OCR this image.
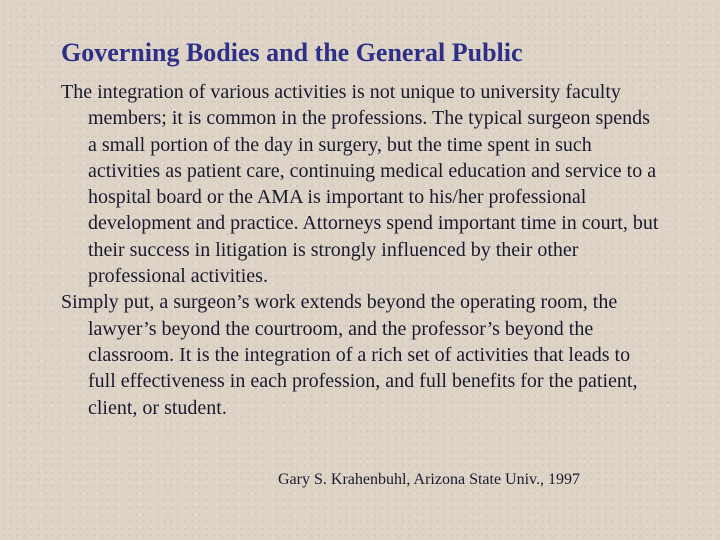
Governing Bodies and the General Public

The integration of various activities is not unique to university faculty members; it is common in the professions. The typical surgeon spends a small portion of the day in surgery, but the time spent in such activities as patient care, continuing medical education and service to a hospital board or the AMA is important to his/her professional development and practice. Attorneys spend important time in court, but their success in litigation is strongly influenced by their other professional activities.

Simply put, a surgeon’s work extends beyond the operating room, the lawyer’s beyond the courtroom, and the professor’s beyond the classroom. It is the integration of a rich set of activities that leads to full effectiveness in each profession, and full benefits for the patient, client, or student.

Gary S. Krahenbuhl, Arizona State Univ., 1997
